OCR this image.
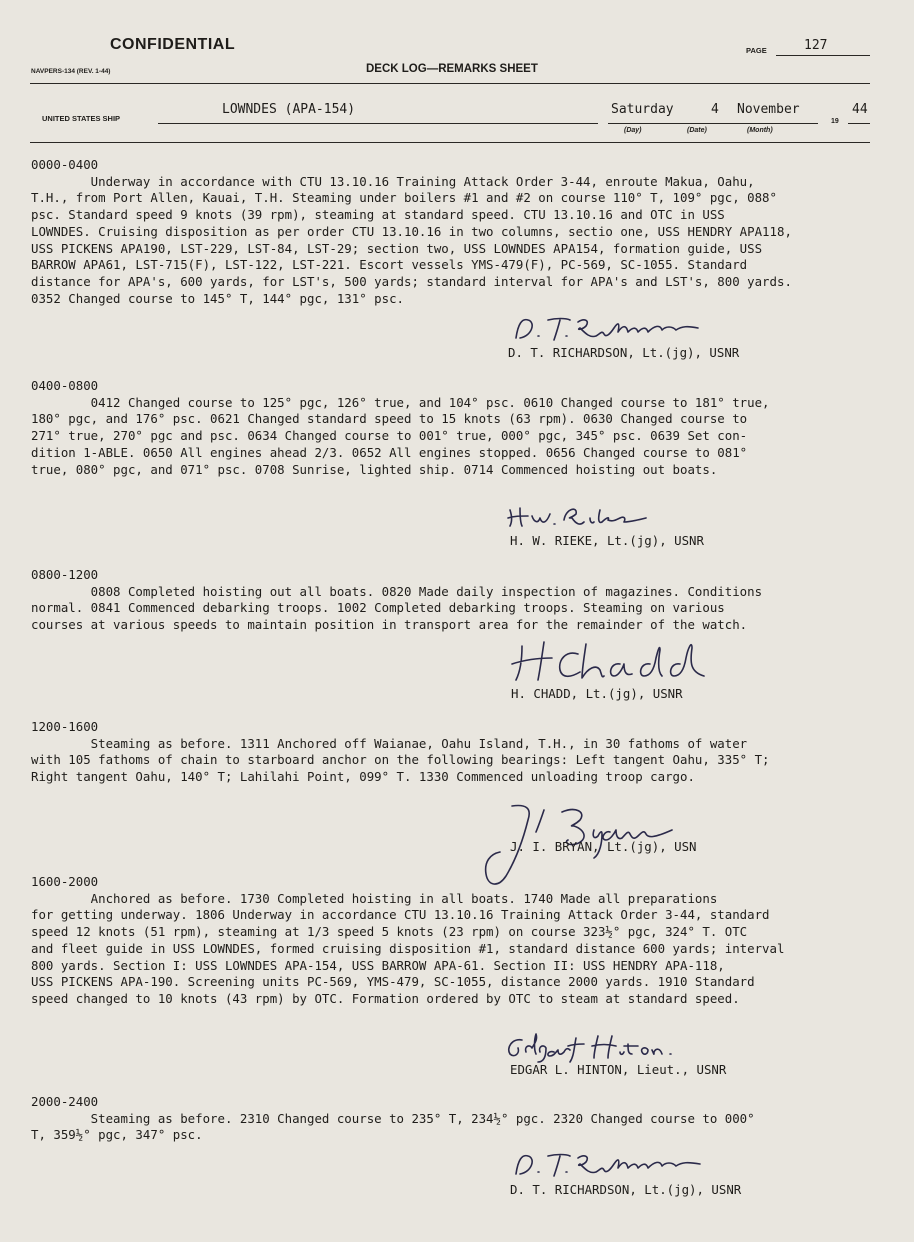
CONFIDENTIAL
NAVPERS-134 (REV. 1-44)	DECK LOG—REMARKS SHEET
PAGE	127
UNITED STATES SHIP
LOWNDES (APA-154)	Saturday	4 November
19
44
(Day)	(Date)	(Month)
0000-0400
Underway in accordance with CTU 13.10.16 Training Attack Order 3-44, enroute Makua, Oahu,
T.H., from Port Allen, Kauai, T.H. Steaming under boilers #1 and #2 on course 110° T, 109° pgc, 088°
psc. Standard speed 9 knots (39 rpm), steaming at standard speed. CTU 13.10.16 and OTC in USS
LOWNDES. Cruising disposition as per order CTU 13.10.16 in two columns, sectio one, USS HENDRY APA118,
USS PICKENS APA190, LST-229, LST-84, LST-29; section two, USS LOWNDES APA154, formation guide, USS
BARROW APA61, LST-715(F), LST-122, LST-221. Escort vessels YMS-479(F), PC-569, SC-1055. Standard
distance for APA's, 600 yards, for LST's, 500 yards; standard interval for APA's and LST's, 800 yards.
0352 Changed course to 145° T, 144° pgc, 131° psc.
D. T. RICHARDSON, Lt.(jg), USNR
0400-0800
0412 Changed course to 125° pgc, 126° true, and 104° psc. 0610 Changed course to 181° true,
180° pgc, and 176° psc. 0621 Changed standard speed to 15 knots (63 rpm). 0630 Changed course to
271° true, 270° pgc and psc. 0634 Changed course to 001° true, 000° pgc, 345° psc. 0639 Set con-
dition 1-ABLE. 0650 All engines ahead 2/3. 0652 All engines stopped. 0656 Changed course to 081°
true, 080° pgc, and 071° psc. 0708 Sunrise, lighted ship. 0714 Commenced hoisting out boats.
H. W. RIEKE, Lt.(jg), USNR
0800-1200
0808 Completed hoisting out all boats. 0820 Made daily inspection of magazines. Conditions
normal. 0841 Commenced debarking troops. 1002 Completed debarking troops. Steaming on various
courses at various speeds to maintain position in transport area for the remainder of the watch.
H. CHADD, Lt.(jg), USNR
1200-1600
Steaming as before. 1311 Anchored off Waianae, Oahu Island, T.H., in 30 fathoms of water
with 105 fathoms of chain to starboard anchor on the following bearings: Left tangent Oahu, 335° T;
Right tangent Oahu, 140° T; Lahilahi Point, 099° T. 1330 Commenced unloading troop cargo.
J. I. BRYAN, Lt.(jg), USN
1600-2000
Anchored as before. 1730 Completed hoisting in all boats. 1740 Made all preparations
for getting underway. 1806 Underway in accordance CTU 13.10.16 Training Attack Order 3-44, standard
speed 12 knots (51 rpm), steaming at 1/3 speed 5 knots (23 rpm) on course 323½° pgc, 324° T. OTC
and fleet guide in USS LOWNDES, formed cruising disposition #1, standard distance 600 yards; interval
800 yards. Section I: USS LOWNDES APA-154, USS BARROW APA-61. Section II: USS HENDRY APA-118,
USS PICKENS APA-190. Screening units PC-569, YMS-479, SC-1055, distance 2000 yards. 1910 Standard
speed changed to 10 knots (43 rpm) by OTC. Formation ordered by OTC to steam at standard speed.
EDGAR L. HINTON, Lieut., USNR
2000-2400
Steaming as before. 2310 Changed course to 235° T, 234½° pgc. 2320 Changed course to 000°
T, 359½° pgc, 347° psc.
D. T. RICHARDSON, Lt.(jg), USNR
